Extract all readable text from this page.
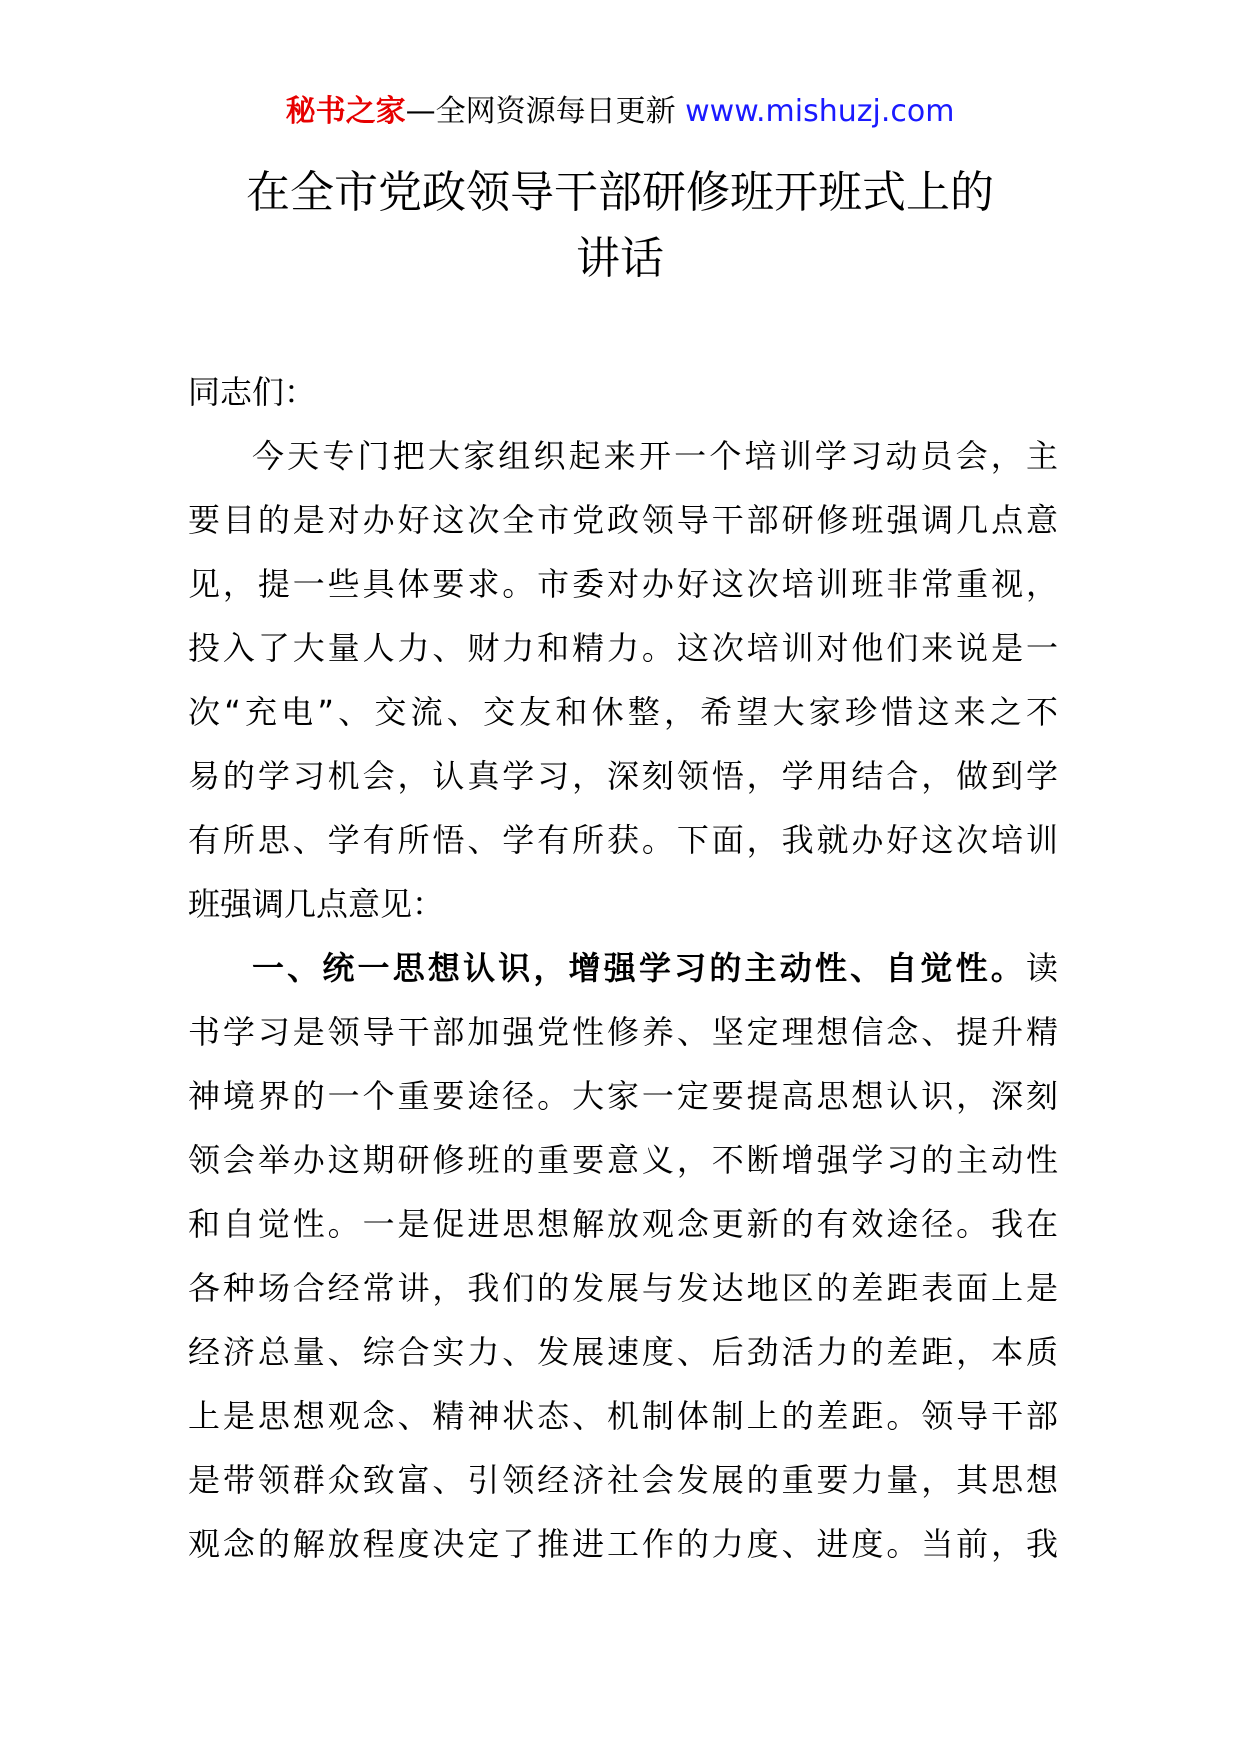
秘书之家—全网资源每日更新 www.mishuzj.com
在全市党政领导干部研修班开班式上的
讲话
同志们：
今天专门把大家组织起来开一个培训学习动员会，主
要目的是对办好这次全市党政领导干部研修班强调几点意
见，提一些具体要求。市委对办好这次培训班非常重视，
投入了大量人力、财力和精力。这次培训对他们来说是一
次“充电”、交流、交友和休整，希望大家珍惜这来之不
易的学习机会，认真学习，深刻领悟，学用结合，做到学
有所思、学有所悟、学有所获。下面，我就办好这次培训
班强调几点意见：
一、统一思想认识，增强学习的主动性、自觉性。读
书学习是领导干部加强党性修养、坚定理想信念、提升精
神境界的一个重要途径。大家一定要提高思想认识，深刻
领会举办这期研修班的重要意义，不断增强学习的主动性
和自觉性。一是促进思想解放观念更新的有效途径。我在
各种场合经常讲，我们的发展与发达地区的差距表面上是
经济总量、综合实力、发展速度、后劲活力的差距，本质
上是思想观念、精神状态、机制体制上的差距。领导干部
是带领群众致富、引领经济社会发展的重要力量，其思想
观念的解放程度决定了推进工作的力度、进度。当前，我
